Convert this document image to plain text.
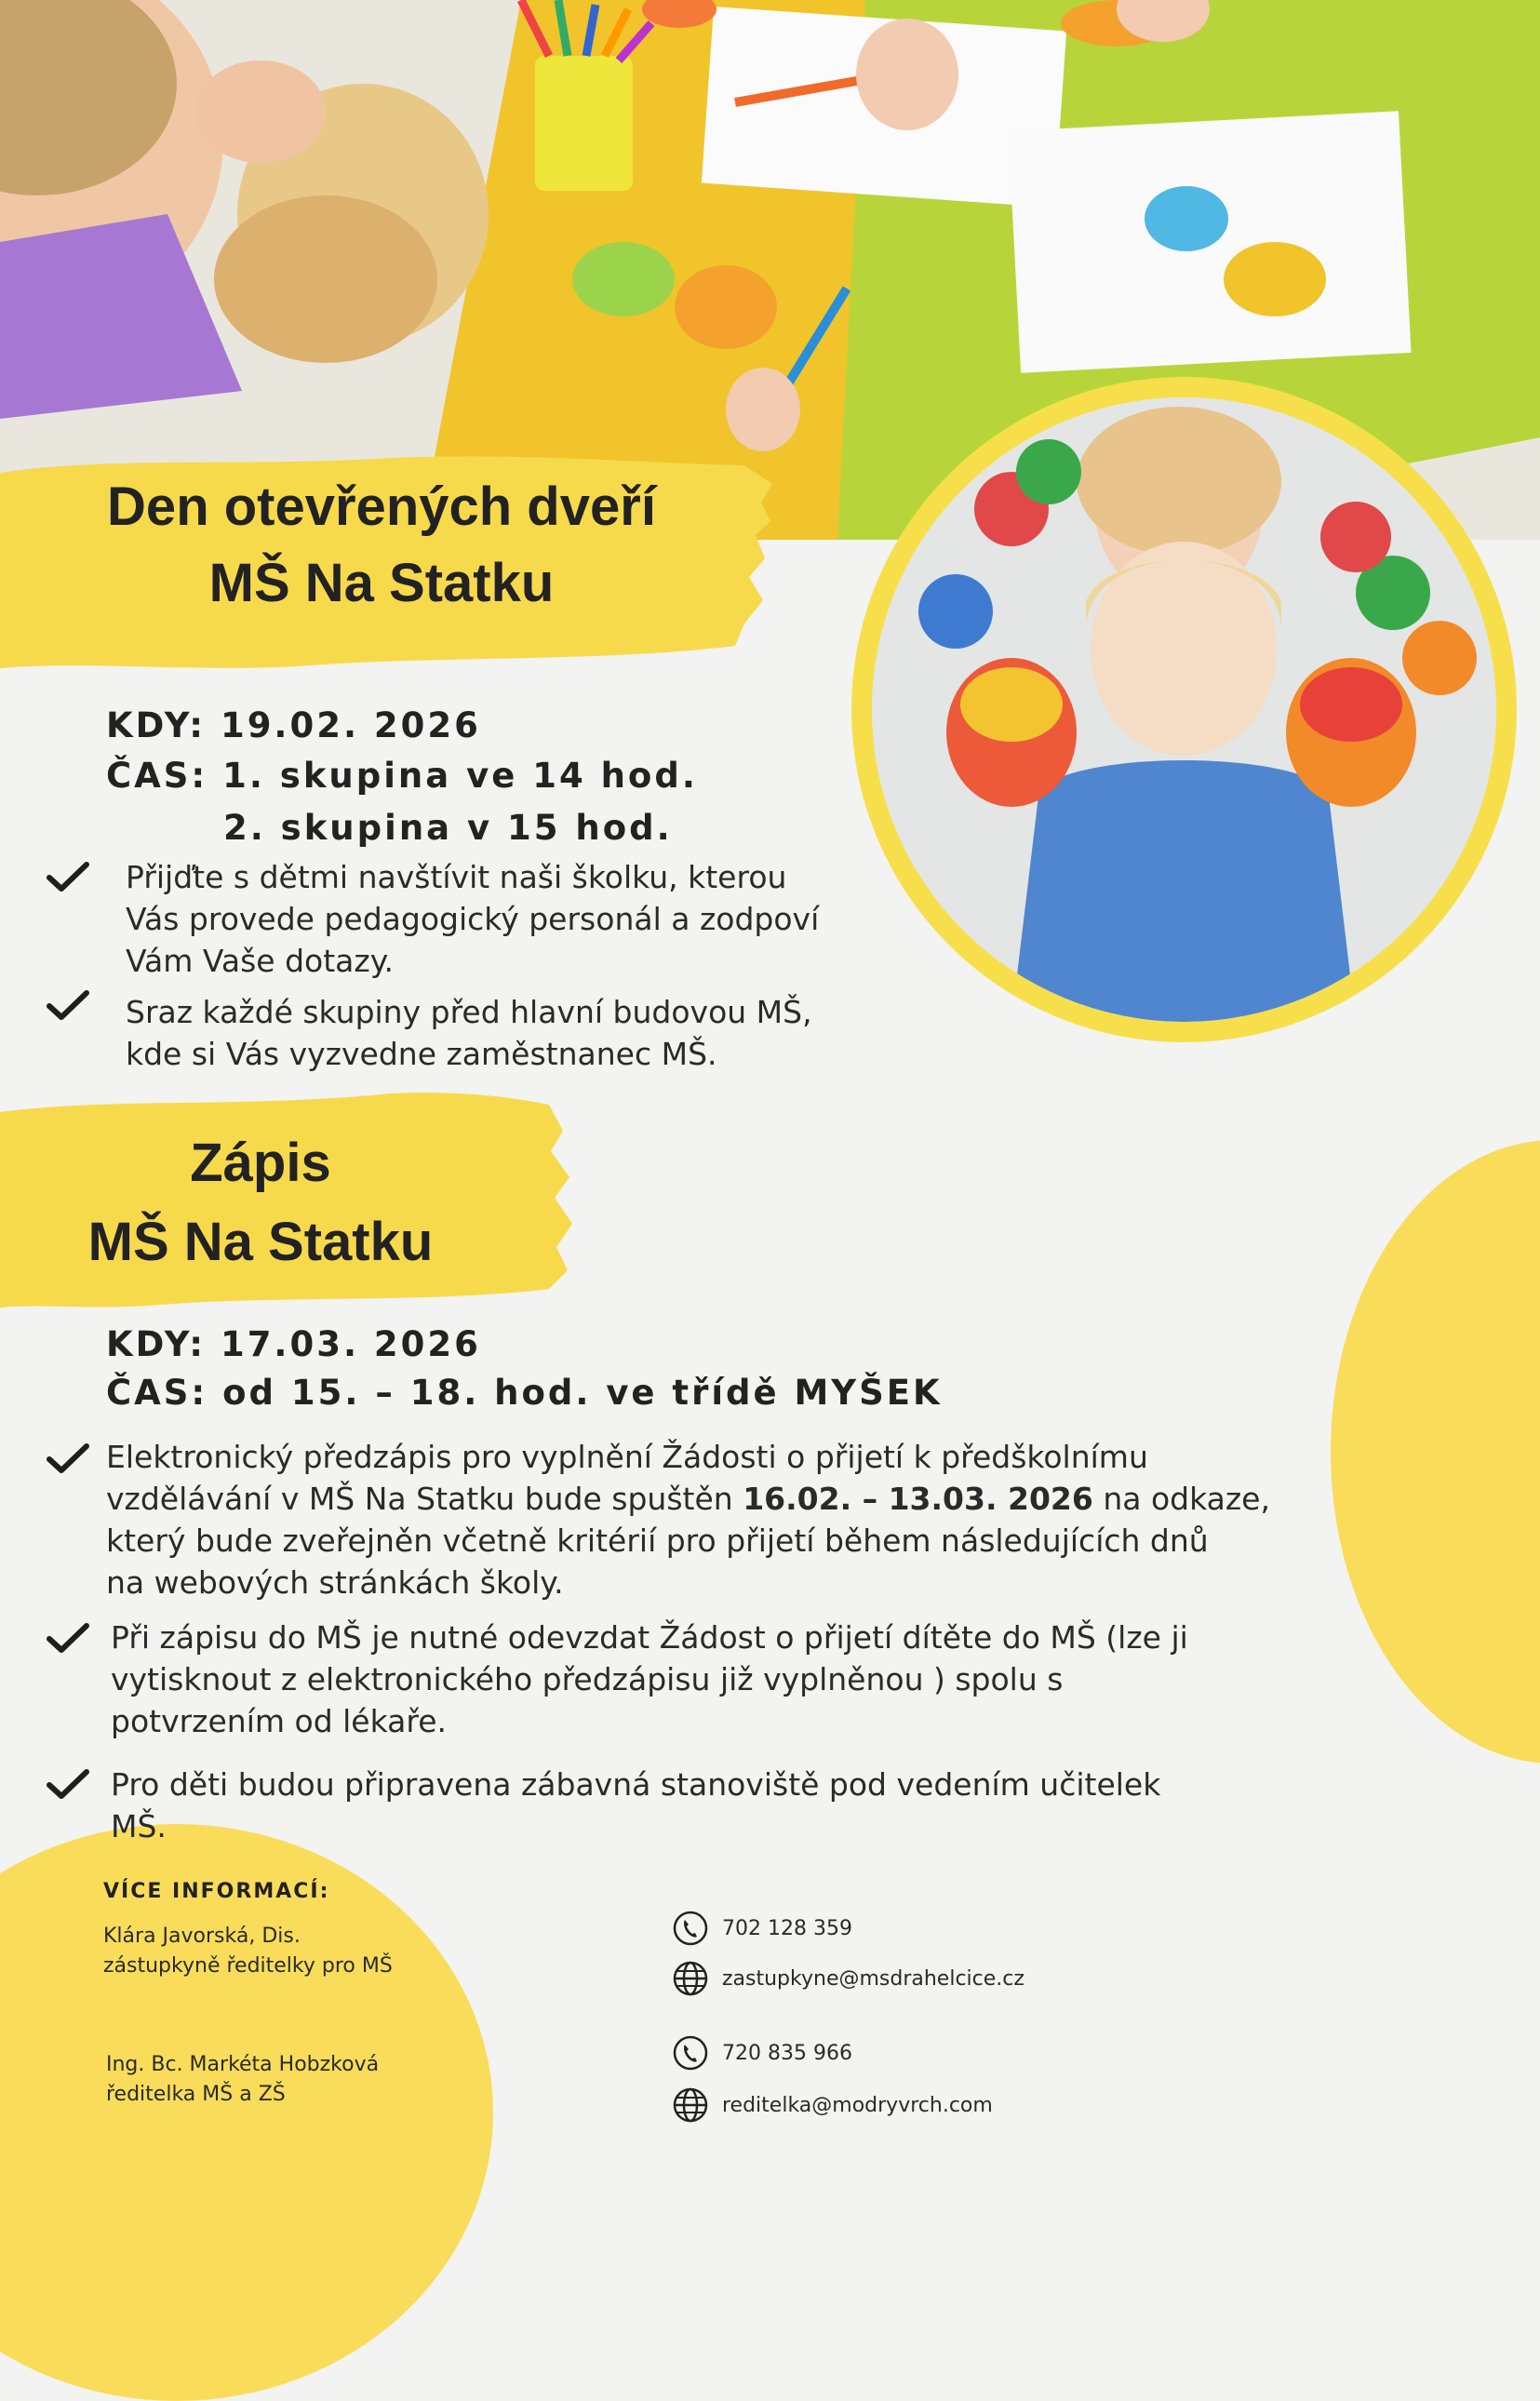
Den otevřených dveří
MŠ Na Statku
KDY: 19.02. 2026
ČAS: 1. skupina ve 14 hod.
2. skupina v 15 hod.
Přijďte s dětmi navštívit naši školku, kterou
Vás provede pedagogický personál a zodpoví
Vám Vaše dotazy.
Sraz každé skupiny před hlavní budovou MŠ,
kde si Vás vyzvedne zaměstnanec MŠ.
Zápis
MŠ Na Statku
KDY: 17.03. 2026
ČAS: od 15. – 18. hod. ve třídě MYŠEK
Elektronický předzápis pro vyplnění Žádosti o přijetí k předškolnímu
vzdělávání v MŠ Na Statku bude spuštěn 16.02. – 13.03. 2026 na odkaze,
který bude zveřejněn včetně kritérií pro přijetí během následujících dnů
na webových stránkách školy.
Při zápisu do MŠ je nutné odevzdat Žádost o přijetí dítěte do MŠ (lze ji
vytisknout z elektronického předzápisu již vyplněnou ) spolu s
potvrzením od lékaře.
Pro děti budou připravena zábavná stanoviště pod vedením učitelek
MŠ.
VÍCE INFORMACÍ:
Klára Javorská, Dis.
zástupkyně ředitelky pro MŠ
Ing. Bc. Markéta Hobzková
ředitelka MŠ a ZŠ
702 128 359
zastupkyne@msdrahelcice.cz
720 835 966
reditelka@modryvrch.com
